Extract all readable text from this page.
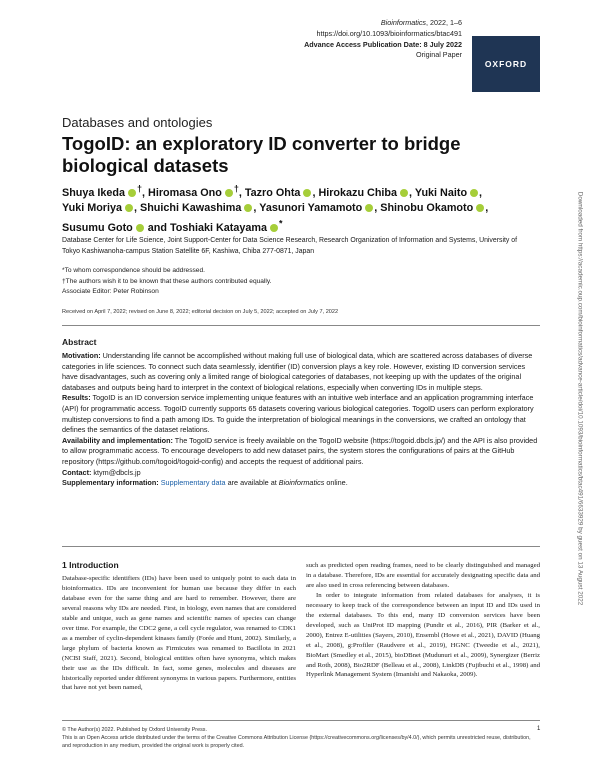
Bioinformatics, 2022, 1–6
https://doi.org/10.1093/bioinformatics/btac491
Advance Access Publication Date: 8 July 2022
Original Paper
OXFORD
Databases and ontologies
TogoID: an exploratory ID converter to bridge biological datasets
Shuya Ikeda †, Hiromasa Ono †, Tazro Ohta , Hirokazu Chiba , Yuki Naito ,
Yuki Moriya , Shuichi Kawashima , Yasunori Yamamoto , Shinobu Okamoto ,
Susumu Goto and Toshiaki Katayama *
Database Center for Life Science, Joint Support-Center for Data Science Research, Research Organization of Information and Systems, University of Tokyo Kashiwanoha-campus Station Satellite 6F, Kashiwa, Chiba 277-0871, Japan
*To whom correspondence should be addressed.
†The authors wish it to be known that these authors contributed equally.
Associate Editor: Peter Robinson
Received on April 7, 2022; revised on June 8, 2022; editorial decision on July 5, 2022; accepted on July 7, 2022
Abstract

Motivation: Understanding life cannot be accomplished without making full use of biological data, which are scattered across databases of diverse categories in life sciences. To connect such data seamlessly, identifier (ID) conversion plays a key role. However, existing ID conversion services have disadvantages, such as covering only a limited range of biological categories of databases, not keeping up with the updates of the original databases and outputs being hard to interpret in the context of biological relations, especially when converting IDs in multiple steps.

Results: TogoID is an ID conversion service implementing unique features with an intuitive web interface and an application programming interface (API) for programmatic access. TogoID currently supports 65 datasets covering various biological categories. TogoID users can perform exploratory multistep conversions to find a path among IDs. To guide the interpretation of biological meanings in the conversions, we crafted an ontology that defines the semantics of the dataset relations.

Availability and implementation: The TogoID service is freely available on the TogoID website (https://togoid.dbcls.jp/) and the API is also provided to allow programmatic access. To encourage developers to add new dataset pairs, the system stores the configurations of pairs at the GitHub repository (https://github.com/togoid/togoid-config) and accepts the request of additional pairs.

Contact: ktym@dbcls.jp

Supplementary information: Supplementary data are available at Bioinformatics online.

1 Introduction

Database-specific identifiers (IDs) have been used to uniquely point to each data in bioinformatics. IDs are inconvenient for human use because they differ in each database even for the same thing and are hard to remember. However, there are several reasons why IDs are needed. First, in biology, even names that are considered stable and unique, such as gene names and scientific names of species can change over time. For example, the CDC2 gene, a cell cycle regulator, was renamed to CDK1 as a member of cyclin-dependent kinases family (Forée and Hunt, 2002). Similarly, a large phylum of bacteria known as Firmicutes was renamed to Bacillota in 2021 (NCBI Staff, 2021). Second, biological entities often have synonyms, which makes their use as the IDs difficult. In fact, some genes, molecules and diseases are historically reported under different synonyms in various papers. Furthermore, entities that have not yet been named,

such as predicted open reading frames, need to be clearly distinguished and managed in a database. Therefore, IDs are essential for accurately designating specific data and are also used in cross referencing between databases.

In order to integrate information from related databases for analyses, it is necessary to keep track of the correspondence between an input ID and IDs used in the external databases. To this end, many ID conversion services have been developed, such as UniProt ID mapping (Pundir et al., 2016), PIR (Barker et al., 2000), Entrez E-utilities (Sayers, 2010), Ensembl (Howe et al., 2021), DAVID (Huang et al., 2008), g:Profiler (Raudvere et al., 2019), HGNC (Tweedie et al., 2021), BioMart (Smedley et al., 2015), bioDBnet (Mudunuri et al., 2009), Synergizer (Berriz and Roth, 2008), Bio2RDF (Belleau et al., 2008), LinkDB (Fujibuchi et al., 1998) and Hyperlink Management System (Imanishi and Nakaoka, 2009).

© The Author(s) 2022. Published by Oxford University Press.
This is an Open Access article distributed under the terms of the Creative Commons Attribution License (https://creativecommons.org/licenses/by/4.0/), which permits unrestricted reuse, distribution, and reproduction in any medium, provided the original work is properly cited.
1
Downloaded from https://academic.oup.com/bioinformatics/advance-article/doi/10.1093/bioinformatics/btac491/6633929 by guest on 13 August 2022
